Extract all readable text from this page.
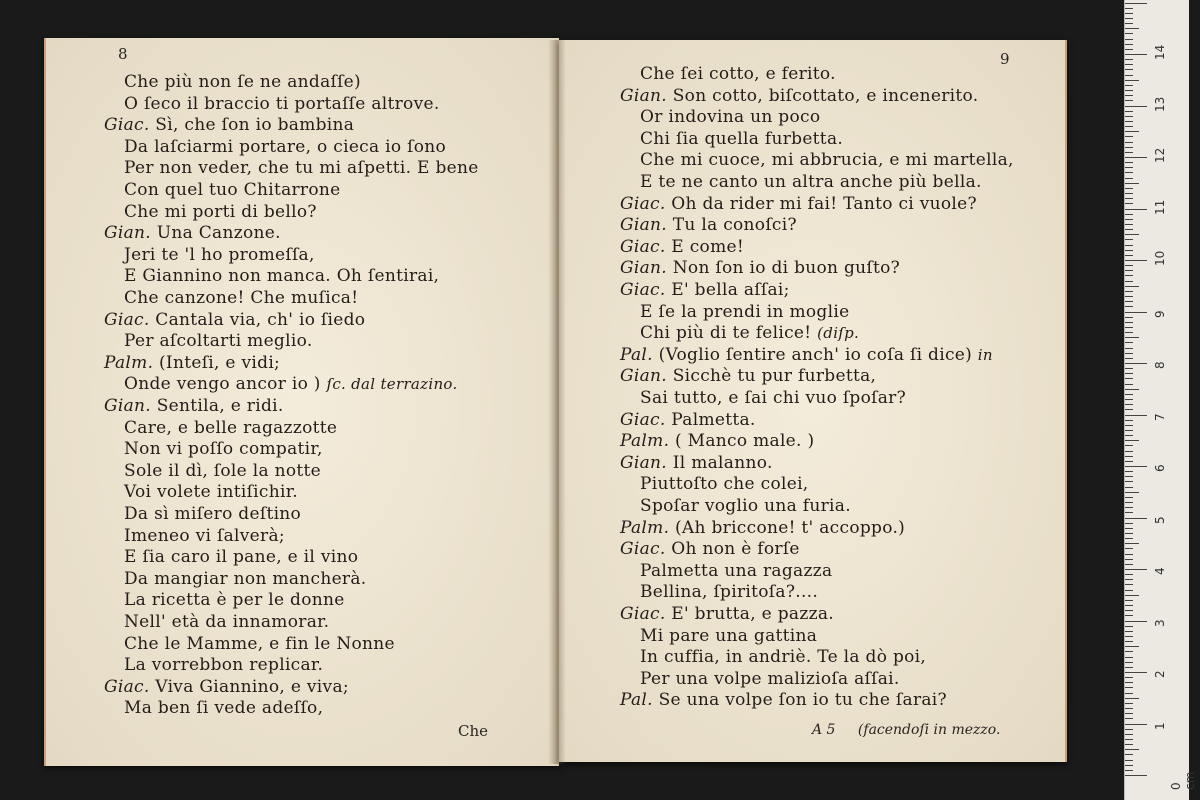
8	9
Che più non ſe ne andaſſe)
O ſeco il braccio ti portaſſe altrove.
Giac. Sì, che ſon io bambina
Da laſciarmi portare, o cieca io ſono
Per non veder, che tu mi aſpetti. E bene
Con quel tuo Chitarrone
Che mi porti di bello?
Gian. Una Canzone.
Jeri te 'l ho promeſſa,
E Giannino non manca. Oh ſentirai,
Che canzone! Che muſica!
Giac. Cantala via, ch' io ſiedo
Per aſcoltarti meglio.
Palm. (Inteſi, e vidi;
Onde vengo ancor io ) ſc. dal terrazino.
Gian. Sentila, e ridi.
Care, e belle ragazzotte
Non vi poſſo compatir,
Sole il dì, ſole la notte
Voi volete intiſichir.
Da sì miſero deſtino
Imeneo vi ſalverà;
E ſia caro il pane, e il vino
Da mangiar non mancherà.
La ricetta è per le donne
Nell' età da innamorar.
Che le Mamme, e fin le Nonne
La vorrebbon replicar.
Giac. Viva Giannino, e viva;
Ma ben ſi vede adeſſo,
Che ſei cotto, e ferito.
Gian. Son cotto, biſcottato, e incenerito.
Or indovina un poco
Chi ſia quella furbetta.
Che mi cuoce, mi abbrucia, e mi martella,
E te ne canto un altra anche più bella.
Giac. Oh da rider mi fai! Tanto ci vuole?
Gian. Tu la conoſci?
Giac. E come!
Gian. Non ſon io di buon guſto?
Giac. E' bella aſſai;
E ſe la prendi in moglie
Chi più di te felice! (diſp.
Pal. (Voglio ſentire anch' io coſa ſi dice) in
Gian. Sicchè tu pur furbetta,
Sai tutto, e ſai chi vuo ſpoſar?
Giac. Palmetta.
Palm. ( Manco male. )
Gian. Il malanno.
Piuttoſto che colei,
Spoſar voglio una furia.
Palm. (Ah briccone! t' accoppo.)
Giac. Oh non è forſe
Palmetta una ragazza
Bellina, ſpiritoſa?....
Giac. E' brutta, e pazza.
Mi pare una gattina
In cuffia, in andriè. Te la dò poi,
Per una volpe malizioſa aſſai.
Pal. Se una volpe ſon io tu che ſarai?
Che	A 5 (facendoſi in mezzo.
0 cm
1
2
3
4
5
6
7
8
9
10
11
12
13
14
